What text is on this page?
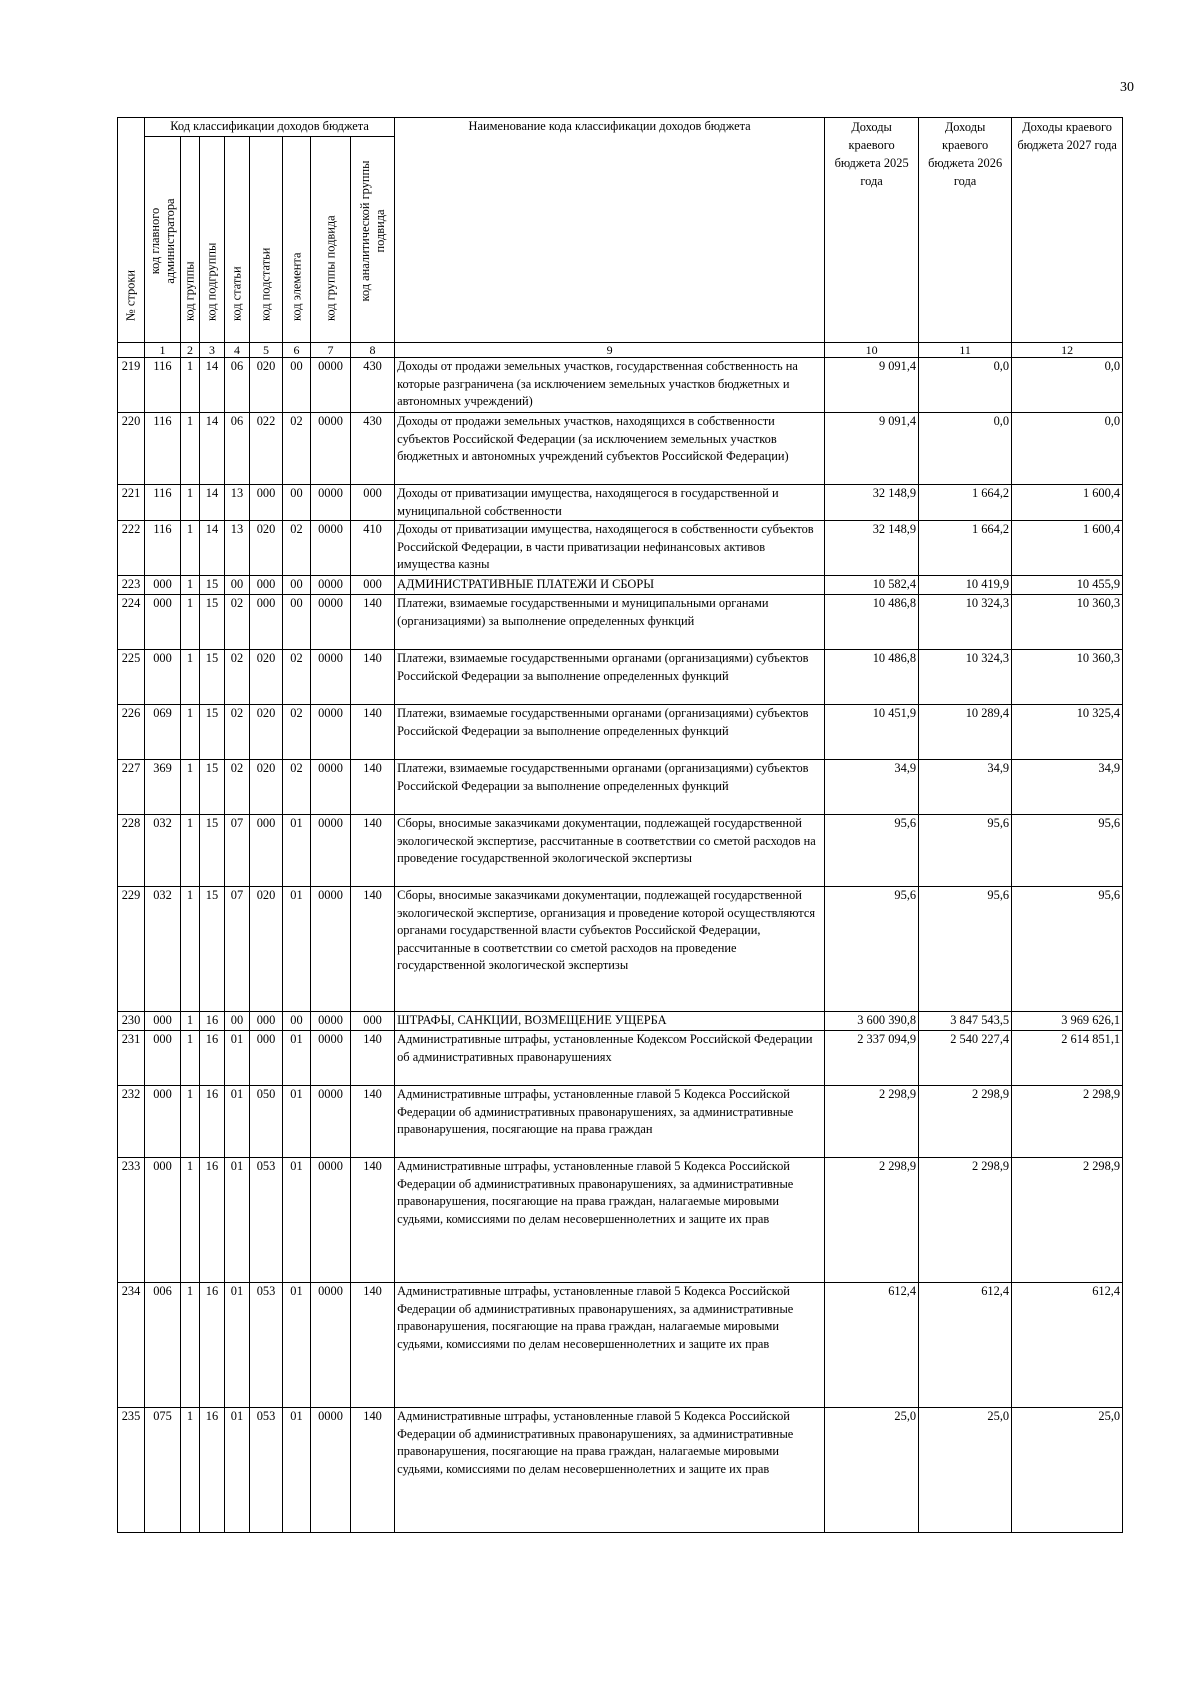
30
№ строки	Код классификации доходов бюджета								Наименование кода классификации доходов бюджета	Доходы краевого бюджета 2025 года	Доходы краевого бюджета 2026 года	Доходы краевого бюджета 2027 года

	код главного администратора	код группы	код подгруппы	код статьи	код подстатьи	код элемента	код группы подвида	код аналитической группы подвида				

	1	2	3	4	5	6	7	8	9	10	11	12
219	116	1	14	06	020	00	0000	430	Доходы от продажи земельных участков, государственная собственность на которые разграничена (за исключением земельных участков бюджетных и автономных учреждений)	9 091,4	0,0	0,0
220	116	1	14	06	022	02	0000	430	Доходы от продажи земельных участков, находящихся в собственности субъектов Российской Федерации (за исключением земельных участков бюджетных и автономных учреждений субъектов Российской Федерации)	9 091,4	0,0	0,0
221	116	1	14	13	000	00	0000	000	Доходы от приватизации имущества, находящегося в государственной и муниципальной собственности	32 148,9	1 664,2	1 600,4
222	116	1	14	13	020	02	0000	410	Доходы от приватизации имущества, находящегося в собственности субъектов Российской Федерации, в части приватизации нефинансовых активов имущества казны	32 148,9	1 664,2	1 600,4
223	000	1	15	00	000	00	0000	000	АДМИНИСТРАТИВНЫЕ ПЛАТЕЖИ И СБОРЫ	10 582,4	10 419,9	10 455,9
224	000	1	15	02	000	00	0000	140	Платежи, взимаемые государственными и муниципальными органами (организациями) за выполнение определенных функций	10 486,8	10 324,3	10 360,3
225	000	1	15	02	020	02	0000	140	Платежи, взимаемые государственными органами (организациями) субъектов Российской Федерации за выполнение определенных функций	10 486,8	10 324,3	10 360,3
226	069	1	15	02	020	02	0000	140	Платежи, взимаемые государственными органами (организациями) субъектов Российской Федерации за выполнение определенных функций	10 451,9	10 289,4	10 325,4
227	369	1	15	02	020	02	0000	140	Платежи, взимаемые государственными органами (организациями) субъектов Российской Федерации за выполнение определенных функций	34,9	34,9	34,9
228	032	1	15	07	000	01	0000	140	Сборы, вносимые заказчиками документации, подлежащей государственной экологической экспертизе, рассчитанные в соответствии со сметой расходов на проведение государственной экологической экспертизы	95,6	95,6	95,6
229	032	1	15	07	020	01	0000	140	Сборы, вносимые заказчиками документации, подлежащей государственной экологической экспертизе, организация и проведение которой осуществляются органами государственной власти субъектов Российской Федерации, рассчитанные в соответствии со сметой расходов на проведение государственной экологической экспертизы	95,6	95,6	95,6
230	000	1	16	00	000	00	0000	000	ШТРАФЫ, САНКЦИИ, ВОЗМЕЩЕНИЕ УЩЕРБА	3 600 390,8	3 847 543,5	3 969 626,1
231	000	1	16	01	000	01	0000	140	Административные штрафы, установленные Кодексом Российской Федерации об административных правонарушениях	2 337 094,9	2 540 227,4	2 614 851,1
232	000	1	16	01	050	01	0000	140	Административные штрафы, установленные главой 5 Кодекса Российской Федерации об административных правонарушениях, за административные правонарушения, посягающие на права граждан	2 298,9	2 298,9	2 298,9
233	000	1	16	01	053	01	0000	140	Административные штрафы, установленные главой 5 Кодекса Российской Федерации об административных правонарушениях, за административные правонарушения, посягающие на права граждан, налагаемые мировыми судьями, комиссиями по делам несовершеннолетних и защите их прав	2 298,9	2 298,9	2 298,9
234	006	1	16	01	053	01	0000	140	Административные штрафы, установленные главой 5 Кодекса Российской Федерации об административных правонарушениях, за административные правонарушения, посягающие на права граждан, налагаемые мировыми судьями, комиссиями по делам несовершеннолетних и защите их прав	612,4	612,4	612,4
235	075	1	16	01	053	01	0000	140	Административные штрафы, установленные главой 5 Кодекса Российской Федерации об административных правонарушениях, за административные правонарушения, посягающие на права граждан, налагаемые мировыми судьями, комиссиями по делам несовершеннолетних и защите их прав	25,0	25,0	25,0
